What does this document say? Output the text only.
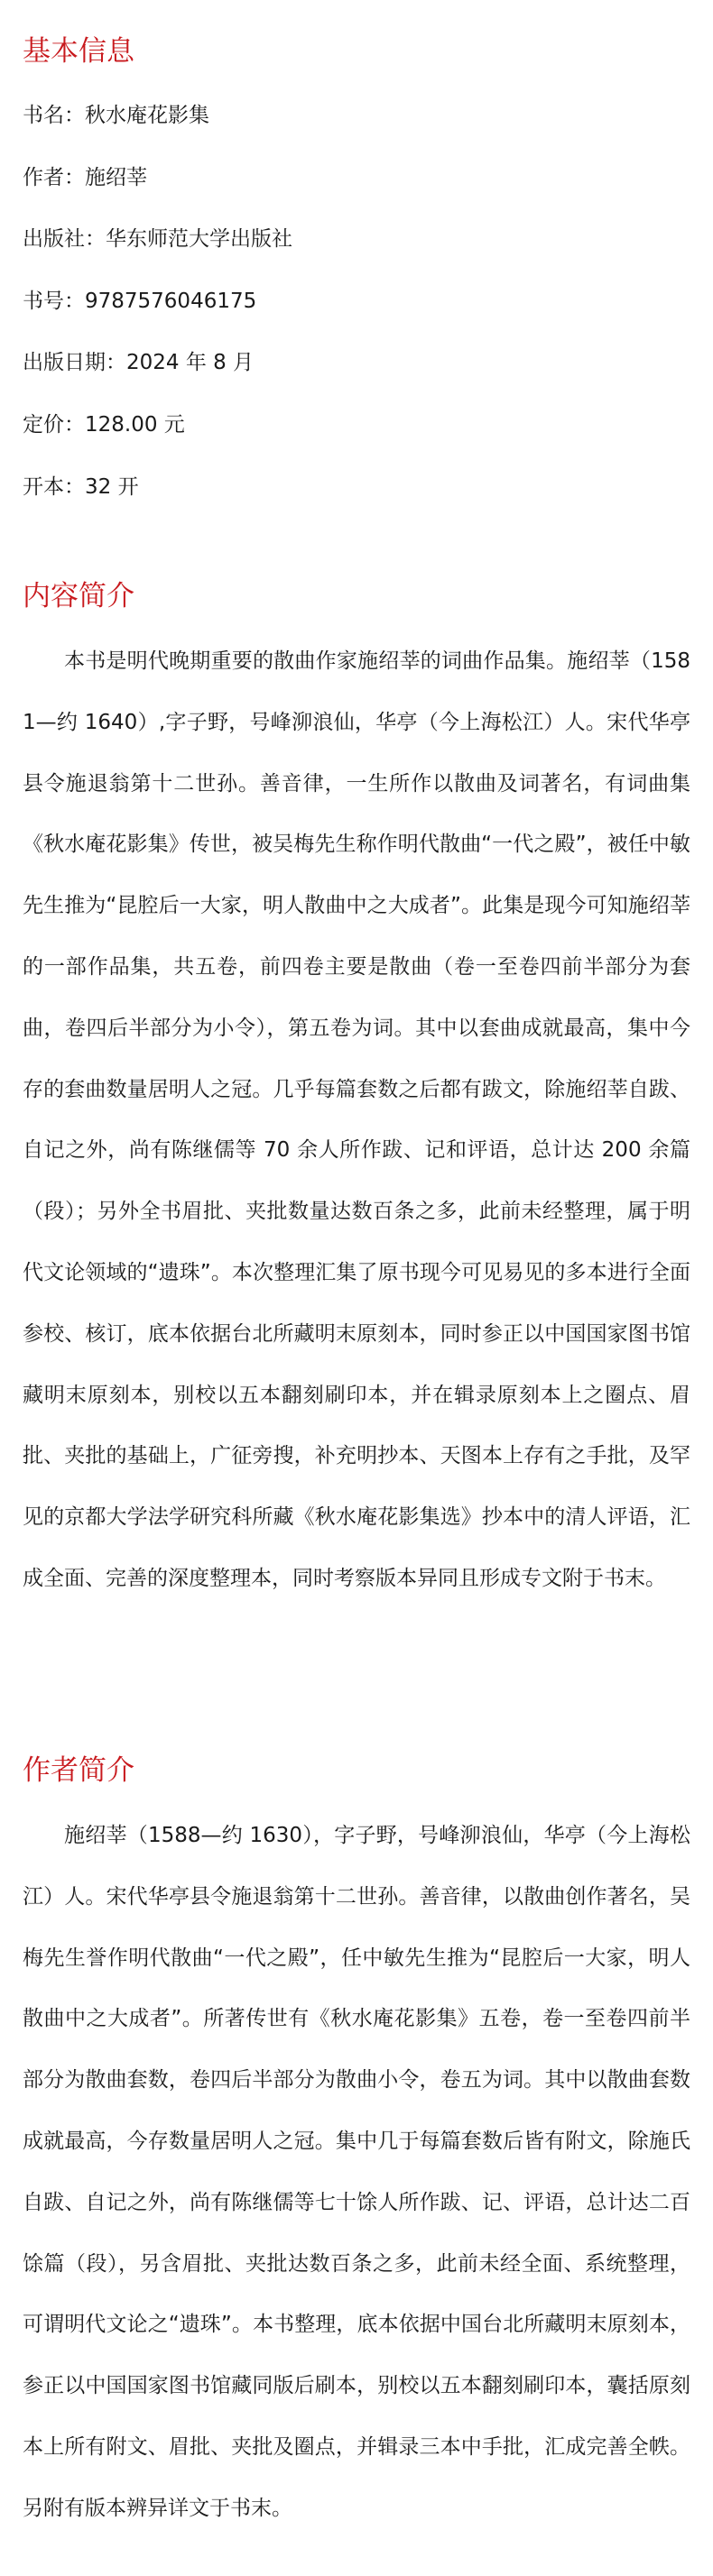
基本信息
书名：秋水庵花影集
作者：施绍莘
出版社：华东师范大学出版社
书号：9787576046175
出版日期：2024 年 8 月
定价：128.00 元
开本：32 开
内容简介

本书是明代晚期重要的散曲作家施绍莘的词曲作品集。施绍莘（1581—约 1640）,字子野，号峰泖浪仙，华亭（今上海松江）人。宋代华亭县令施退翁第十二世孙。善音律，一生所作以散曲及词著名，有词曲集《秋水庵花影集》传世，被吴梅先生称作明代散曲“一代之殿”，被任中敏先生推为“昆腔后一大家，明人散曲中之大成者”。此集是现今可知施绍莘的一部作品集，共五卷，前四卷主要是散曲（卷一至卷四前半部分为套曲，卷四后半部分为小令），第五卷为词。其中以套曲成就最高，集中今存的套曲数量居明人之冠。几乎每篇套数之后都有跋文，除施绍莘自跋、自记之外，尚有陈继儒等 70 余人所作跋、记和评语，总计达 200 余篇（段）；另外全书眉批、夹批数量达数百条之多，此前未经整理，属于明代文论领域的“遗珠”。本次整理汇集了原书现今可见易见的多本进行全面参校、核订，底本依据台北所藏明末原刻本，同时参正以中国国家图书馆藏明末原刻本，别校以五本翻刻刷印本，并在辑录原刻本上之圈点、眉批、夹批的基础上，广征旁搜，补充明抄本、天图本上存有之手批，及罕见的京都大学法学研究科所藏《秋水庵花影集选》抄本中的清人评语，汇成全面、完善的深度整理本，同时考察版本异同且形成专文附于书末。

作者简介

施绍莘（1588—约 1630），字子野，号峰泖浪仙，华亭（今上海松江）人。宋代华亭县令施退翁第十二世孙。善音律，以散曲创作著名，吴梅先生誉作明代散曲“一代之殿”，任中敏先生推为“昆腔后一大家，明人散曲中之大成者”。所著传世有《秋水庵花影集》五卷，卷一至卷四前半部分为散曲套数，卷四后半部分为散曲小令，卷五为词。其中以散曲套数成就最高，今存数量居明人之冠。集中几于每篇套数后皆有附文，除施氏自跋、自记之外，尚有陈继儒等七十馀人所作跋、记、评语，总计达二百馀篇（段），另含眉批、夹批达数百条之多，此前未经全面、系统整理，可谓明代文论之“遗珠”。本书整理，底本依据中国台北所藏明末原刻本，参正以中国国家图书馆藏同版后刷本，别校以五本翻刻刷印本，囊括原刻本上所有附文、眉批、夹批及圈点，并辑录三本中手批，汇成完善全帙。另附有版本辨异详文于书末。
